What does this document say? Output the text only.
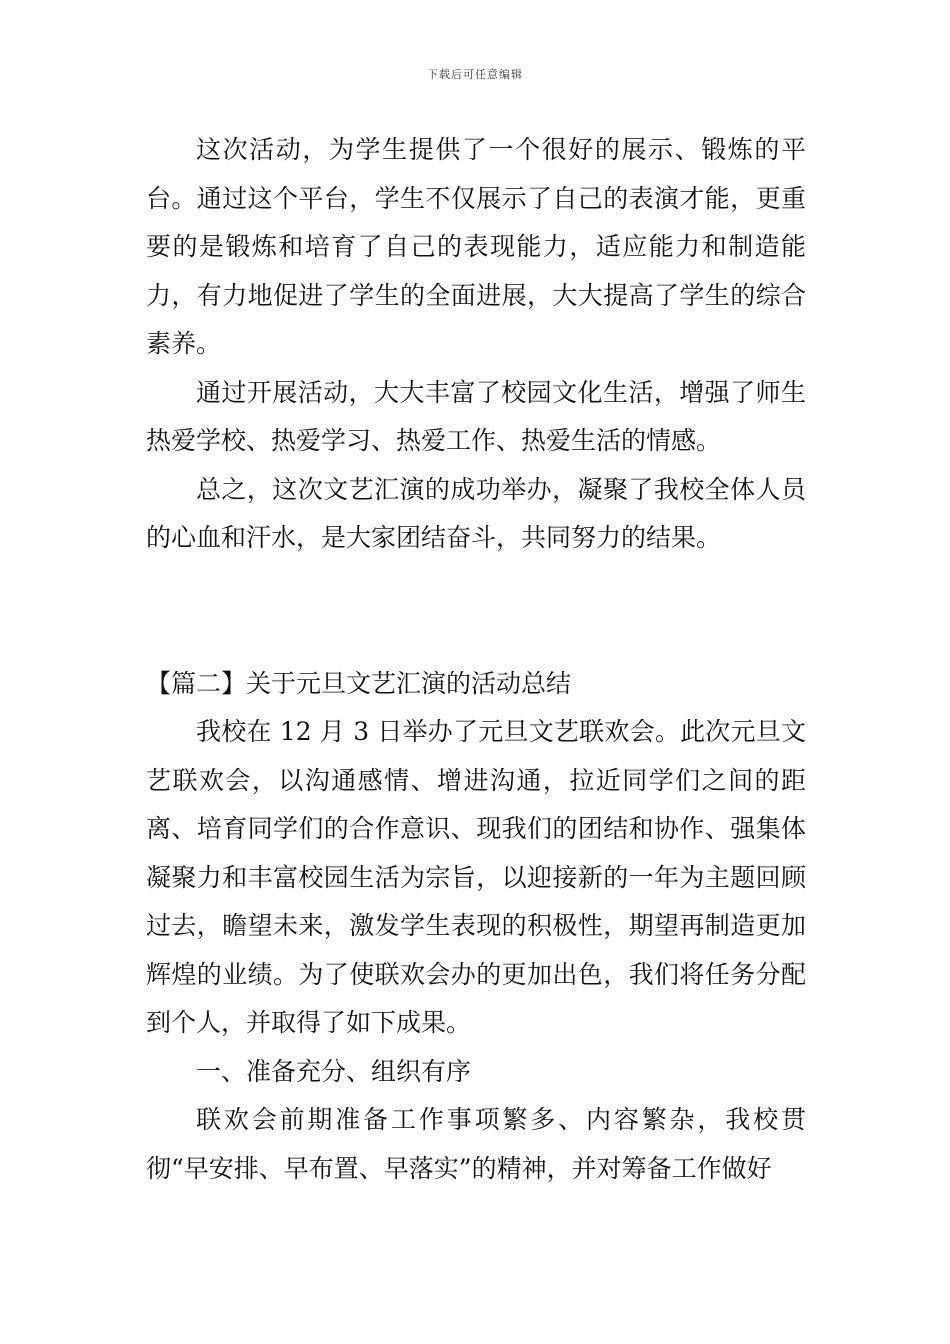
下载后可任意编辑

这次活动，为学生提供了一个很好的展示、锻炼的平台。通过这个平台，学生不仅展示了自己的表演才能，更重要的是锻炼和培育了自己的表现能力，适应能力和制造能力，有力地促进了学生的全面进展，大大提高了学生的综合素养。

通过开展活动，大大丰富了校园文化生活，增强了师生热爱学校、热爱学习、热爱工作、热爱生活的情感。

总之，这次文艺汇演的成功举办，凝聚了我校全体人员的心血和汗水，是大家团结奋斗，共同努力的结果。

【篇二】关于元旦文艺汇演的活动总结

我校在 12 月 3 日举办了元旦文艺联欢会。此次元旦文艺联欢会，以沟通感情、增进沟通，拉近同学们之间的距离、培育同学们的合作意识、现我们的团结和协作、强集体凝聚力和丰富校园生活为宗旨，以迎接新的一年为主题回顾过去，瞻望未来，激发学生表现的积极性，期望再制造更加辉煌的业绩。为了使联欢会办的更加出色，我们将任务分配到个人，并取得了如下成果。

一、准备充分、组织有序

联欢会前期准备工作事项繁多、内容繁杂，我校贯彻“早安排、早布置、早落实”的精神，并对筹备工作做好
